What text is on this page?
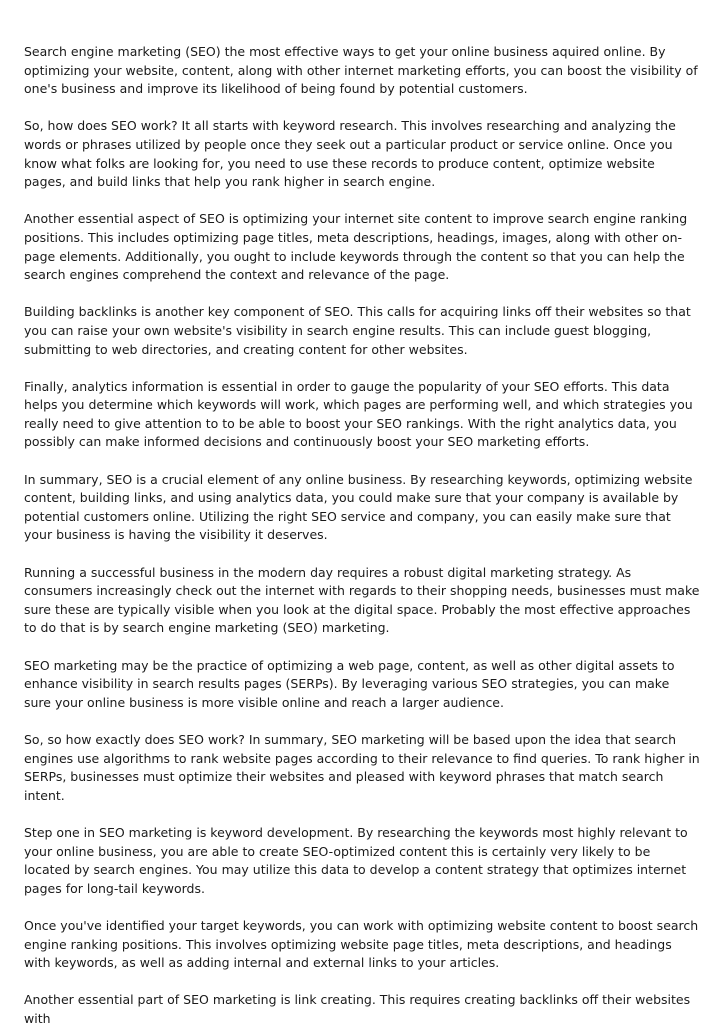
Search engine marketing (SEO) the most effective ways to get your online business aquired online. By optimizing your website, content, along with other internet marketing efforts, you can boost the visibility of one's business and improve its likelihood of being found by potential customers.

So, how does SEO work? It all starts with keyword research. This involves researching and analyzing the words or phrases utilized by people once they seek out a particular product or service online. Once you know what folks are looking for, you need to use these records to produce content, optimize website pages, and build links that help you rank higher in search engine.

Another essential aspect of SEO is optimizing your internet site content to improve search engine ranking positions. This includes optimizing page titles, meta descriptions, headings, images, along with other on-page elements. Additionally, you ought to include keywords through the content so that you can help the search engines comprehend the context and relevance of the page.

Building backlinks is another key component of SEO. This calls for acquiring links off their websites so that you can raise your own website's visibility in search engine results. This can include guest blogging, submitting to web directories, and creating content for other websites.

Finally, analytics information is essential in order to gauge the popularity of your SEO efforts. This data helps you determine which keywords will work, which pages are performing well, and which strategies you really need to give attention to to be able to boost your SEO rankings. With the right analytics data, you possibly can make informed decisions and continuously boost your SEO marketing efforts.

In summary, SEO is a crucial element of any online business. By researching keywords, optimizing website content, building links, and using analytics data, you could make sure that your company is available by potential customers online. Utilizing the right SEO service and company, you can easily make sure that your business is having the visibility it deserves.

Running a successful business in the modern day requires a robust digital marketing strategy. As consumers increasingly check out the internet with regards to their shopping needs, businesses must make sure these are typically visible when you look at the digital space. Probably the most effective approaches to do that is by search engine marketing (SEO) marketing.

SEO marketing may be the practice of optimizing a web page, content, as well as other digital assets to enhance visibility in search results pages (SERPs). By leveraging various SEO strategies, you can make sure your online business is more visible online and reach a larger audience.

So, so how exactly does SEO work? In summary, SEO marketing will be based upon the idea that search engines use algorithms to rank website pages according to their relevance to find queries. To rank higher in SERPs, businesses must optimize their websites and pleased with keyword phrases that match search intent.

Step one in SEO marketing is keyword development. By researching the keywords most highly relevant to your online business, you are able to create SEO-optimized content this is certainly very likely to be located by search engines. You may utilize this data to develop a content strategy that optimizes internet pages for long-tail keywords.

Once you've identified your target keywords, you can work with optimizing website content to boost search engine ranking positions. This involves optimizing website page titles, meta descriptions, and headings with keywords, as well as adding internal and external links to your articles.

Another essential part of SEO marketing is link creating. This requires creating backlinks off their websites with
